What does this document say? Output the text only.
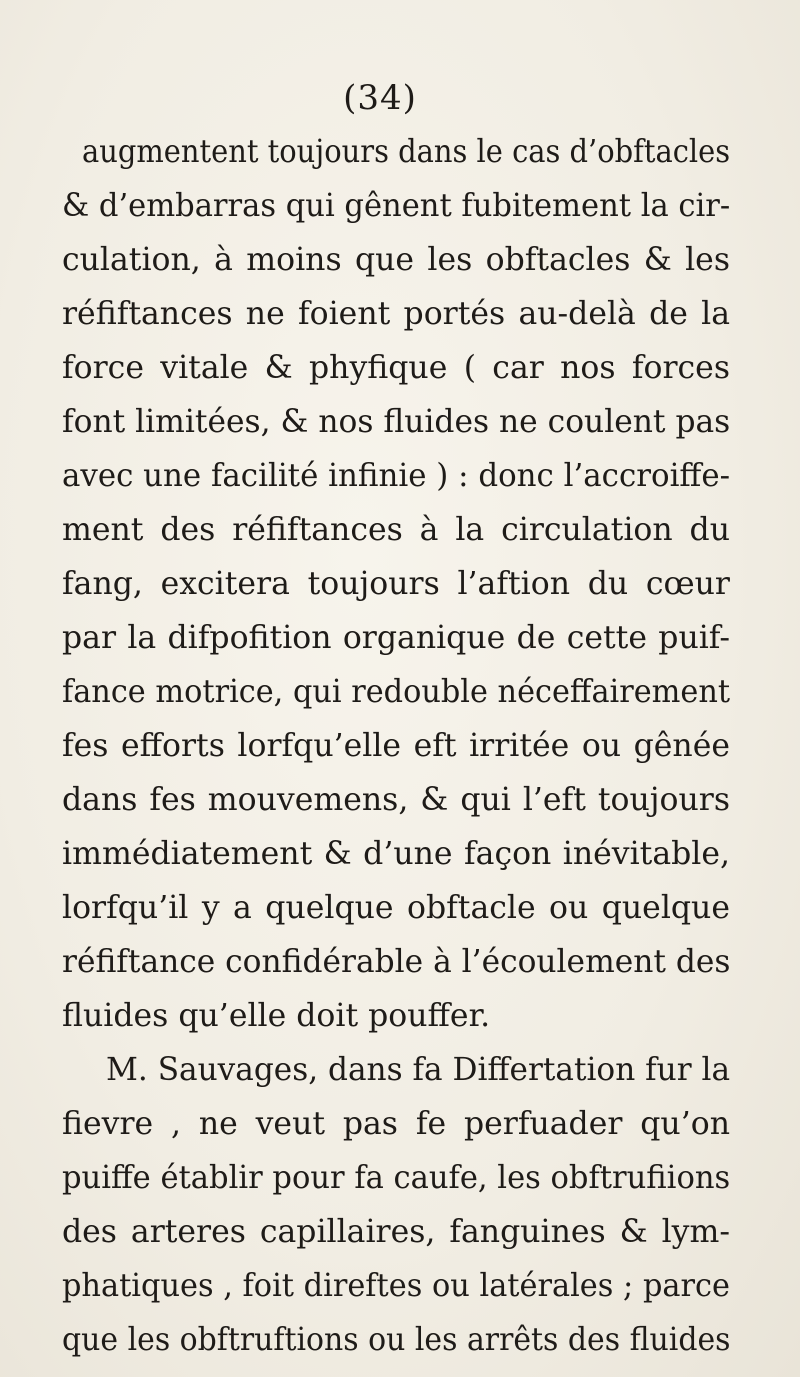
(34)
augmentent toujours dans le cas d’obftacles
& d’embarras qui gênent fubitement la cir-
culation, à moins que les obftacles & les
réfiftances ne foient portés au-delà de la
force vitale & phyfique ( car nos forces
font limitées, & nos fluides ne coulent pas
avec une facilité infinie ) : donc l’accroiffe-
ment des réfiftances à la circulation du
fang, excitera toujours l’aftion du cœur
par la difpofition organique de cette puif-
fance motrice, qui redouble néceffairement
fes efforts lorfqu’elle eft irritée ou gênée
dans fes mouvemens, & qui l’eft toujours
immédiatement & d’une façon inévitable,
lorfqu’il y a quelque obftacle ou quelque
réfiftance confidérable à l’écoulement des
fluides qu’elle doit pouffer.
M. Sauvages, dans fa Differtation fur la
fievre , ne veut pas fe perfuader qu’on
puiffe établir pour fa caufe, les obftrufiions
des arteres capillaires, fanguines & lym-
phatiques , foit direftes ou latérales ; parce
que les obftruftions ou les arrêts des fluides
